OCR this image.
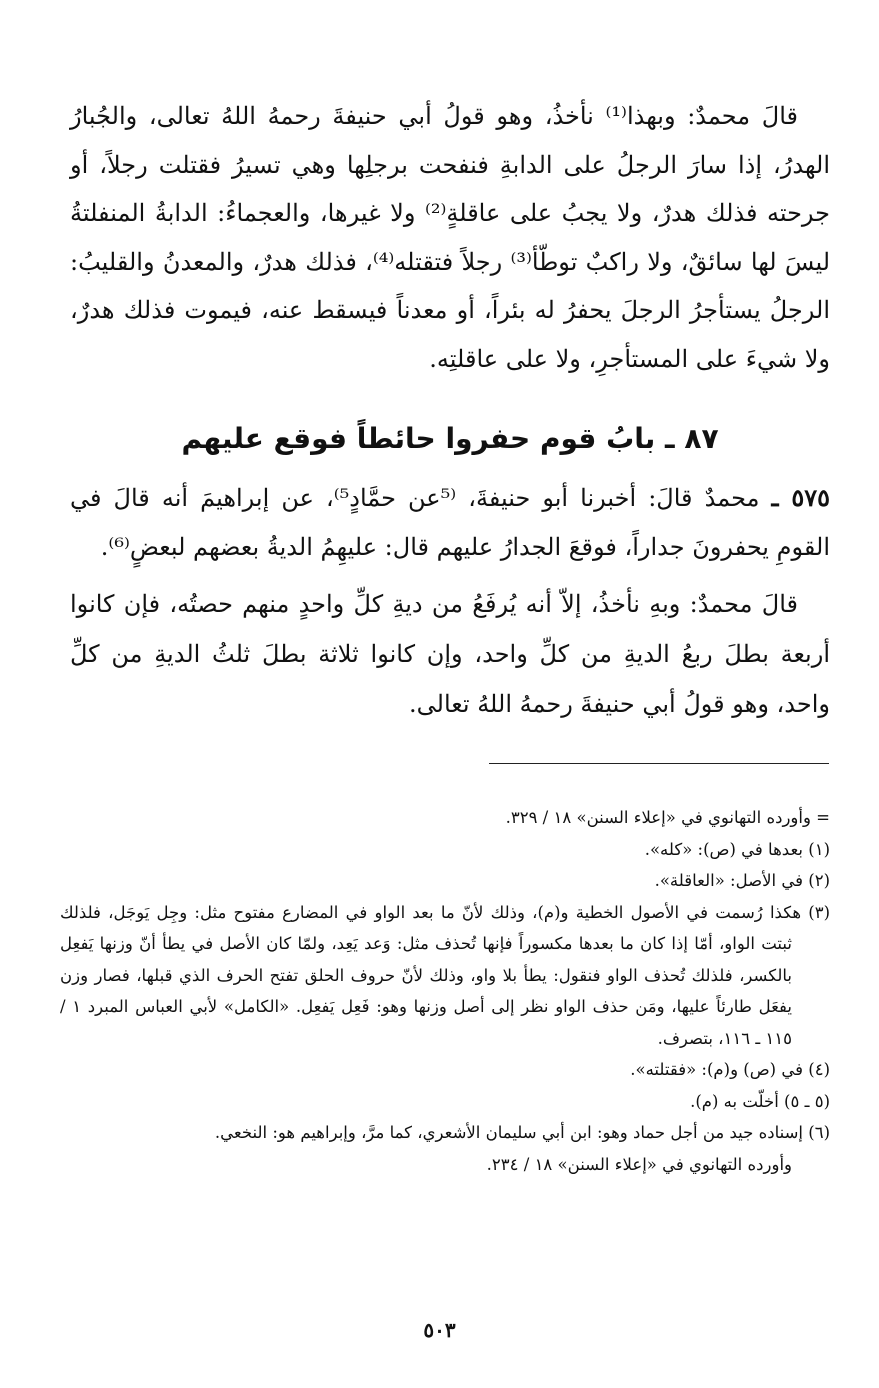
قالَ محمدٌ: وبهذا⁽¹⁾ نأخذُ، وهو قولُ أبي حنيفةَ رحمهُ اللهُ تعالى، والجُبارُ الهدرُ، إذا سارَ الرجلُ على الدابةِ فنفحت برجلِها وهي تسيرُ فقتلت رجلاً، أو جرحته فذلك هدرٌ، ولا يجبُ على عاقلةٍ⁽²⁾ ولا غيرها، والعجماءُ: الدابةُ المنفلتةُ ليسَ لها سائقٌ، ولا راكبٌ توطّأ⁽³⁾ رجلاً فتقتله⁽⁴⁾، فذلك هدرٌ، والمعدنُ والقليبُ: الرجلُ يستأجرُ الرجلَ يحفرُ له بئراً، أو معدناً فيسقط عنه، فيموت فذلك هدرٌ، ولا شيءَ على المستأجرِ، ولا على عاقلتِه.

٨٧ ـ بابُ قوم حفروا حائطاً فوقع عليهم

٥٧٥ ـ محمدٌ قالَ: أخبرنا أبو حنيفةَ، ⁽⁵عن حمَّادٍ⁵⁾، عن إبراهيمَ أنه قالَ في القومِ يحفرونَ جداراً، فوقعَ الجدارُ عليهم قال: عليهِمُ الديةُ بعضهم لبعضٍ⁽⁶⁾.

قالَ محمدٌ: وبهِ نأخذُ، إلاّ أنه يُرفَعُ من ديةِ كلِّ واحدٍ منهم حصتُه، فإن كانوا أربعة بطلَ ربعُ الديةِ من كلِّ واحد، وإن كانوا ثلاثة بطلَ ثلثُ الديةِ من كلِّ واحد، وهو قولُ أبي حنيفةَ رحمهُ اللهُ تعالى.

= وأورده التهانوي في «إعلاء السنن» ١٨ / ٣٢٩.

(١) بعدها في (ص): «كله».

(٢) في الأصل: «العاقلة».

(٣) هكذا رُسمت في الأصول الخطية و(م)، وذلك لأنّ ما بعد الواو في المضارع مفتوح مثل: وجِل يَوجَل، فلذلك ثبتت الواو، أمّا إذا كان ما بعدها مكسوراً فإنها تُحذف مثل: وَعد يَعِد، ولمّا كان الأصل في يطأ أنّ وزنها يَفعِل بالكسر، فلذلك تُحذف الواو فنقول: يطأ بلا واو، وذلك لأنّ حروف الحلق تفتح الحرف الذي قبلها، فصار وزن يفعَل طارئاً عليها، ومَن حذف الواو نظر إلى أصل وزنها وهو: فَعِل يَفعِل. «الكامل» لأبي العباس المبرد ١ / ١١٥ ـ ١١٦، بتصرف.

(٤) في (ص) و(م): «فقتلته».

(٥ ـ ٥) أخلّت به (م).

(٦) إسناده جيد من أجل حماد وهو: ابن أبي سليمان الأشعري، كما مرَّ، وإبراهيم هو: النخعي.

وأورده التهانوي في «إعلاء السنن» ١٨ / ٢٣٤.

٥٠٣
